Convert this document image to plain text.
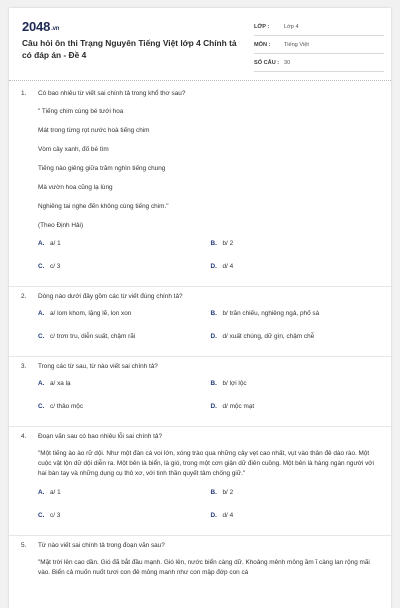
2048.vn
Câu hỏi ôn thi Trạng Nguyên Tiếng Việt lớp 4 Chính tả có đáp án - Đề 4
LỚP :	Lớp 4
MÔN :	Tiếng Việt
SỐ CÂU : 30
1.	Có bao nhiêu từ viết sai chính tả trong khổ thơ sau?
" Tiếng chim cùng bé tưới hoa
Mát trong từng rọt nước hoà tiếng chim
Vòm cây xanh, đố bé tìm
Tiếng nào giêng giữa trăm nghìn tiếng chung
Mà vườn hoa cũng lạ lùng
Nghiêng tai nghe đến không cùng tiếng chim."
(Theo Định Hải)
A. a/ 1	B. b/ 2
C. c/ 3	D. d/ 4
2.	Dòng nào dưới đây gồm các từ viết đúng chính tả?
A. a/ lom khom, lặng lẽ, lon xon	B. b/ trăn chiếu, nghiêng ngả, phố sá
C. c/ trơn tru, diễn suất, chậm rãi	D. d/ xuất chúng, dữ gìn, chậm chễ
3.	Trong các từ sau, từ nào viết sai chính tả?
A. a/ xa lạ	B. b/ lợi lộc
C. c/ thảo mộc	D. d/ mộc mạt
4.	Đoạn văn sau có bao nhiêu lỗi sai chính tả?
"Một tiếng ào ào rữ dội. Như một đàn cá voi lớn, xóng trào qua những cây vẹt cao nhất, vụt vào thân đê dào rào. Một cuộc vật lộn dữ dội diễn ra. Một bên là biển, là gió, trong một cơn giận dữ điên cuồng. Một bên là hàng ngàn người với hai bàn tay và những dụng cụ thô xơ, với tinh thần quyết tâm chống giữ."
A. a/ 1	B. b/ 2
C. c/ 3	D. d/ 4
5.	Từ nào viết sai chính tả trong đoạn văn sau?
"Mặt trời lên cao dần. Gió đã bắt đầu mạnh. Gió lên, nước biển càng dữ. Khoảng mênh mông ầm ĩ càng lan rộng mãi vào. Biển cả muốn nuốt tươi con đê mỏng manh như con mập đớp con cá
